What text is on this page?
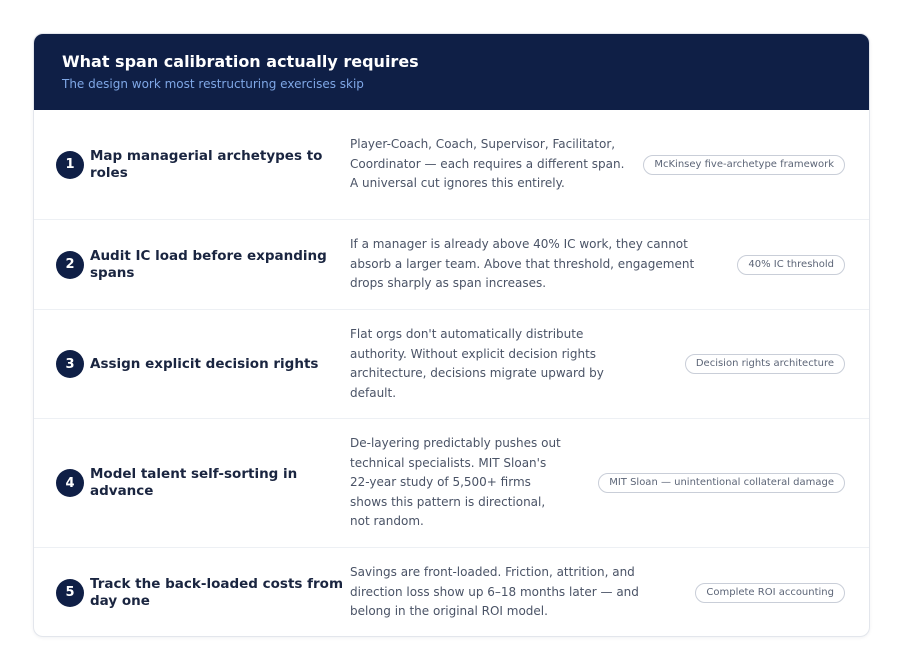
What span calibration actually requires
The design work most restructuring exercises skip
1
Map managerial archetypes to roles
Player-Coach, Coach, Supervisor, Facilitator, Coordinator — each requires a different span. A universal cut ignores this entirely.
McKinsey five-archetype framework
2
Audit IC load before expanding spans
If a manager is already above 40% IC work, they cannot absorb a larger team. Above that threshold, engagement drops sharply as span increases.
40% IC threshold
3	Assign explicit decision rights
Flat orgs don't automatically distribute authority. Without explicit decision rights architecture, decisions migrate upward by default.
Decision rights architecture
4
Model talent self-sorting in advance
De-layering predictably pushes out technical specialists. MIT Sloan's 22-year study of 5,500+ firms shows this pattern is directional, not random.
MIT Sloan — unintentional collateral damage
5
Track the back-loaded costs from day one
Savings are front-loaded. Friction, attrition, and direction loss show up 6–18 months later — and belong in the original ROI model.
Complete ROI accounting
